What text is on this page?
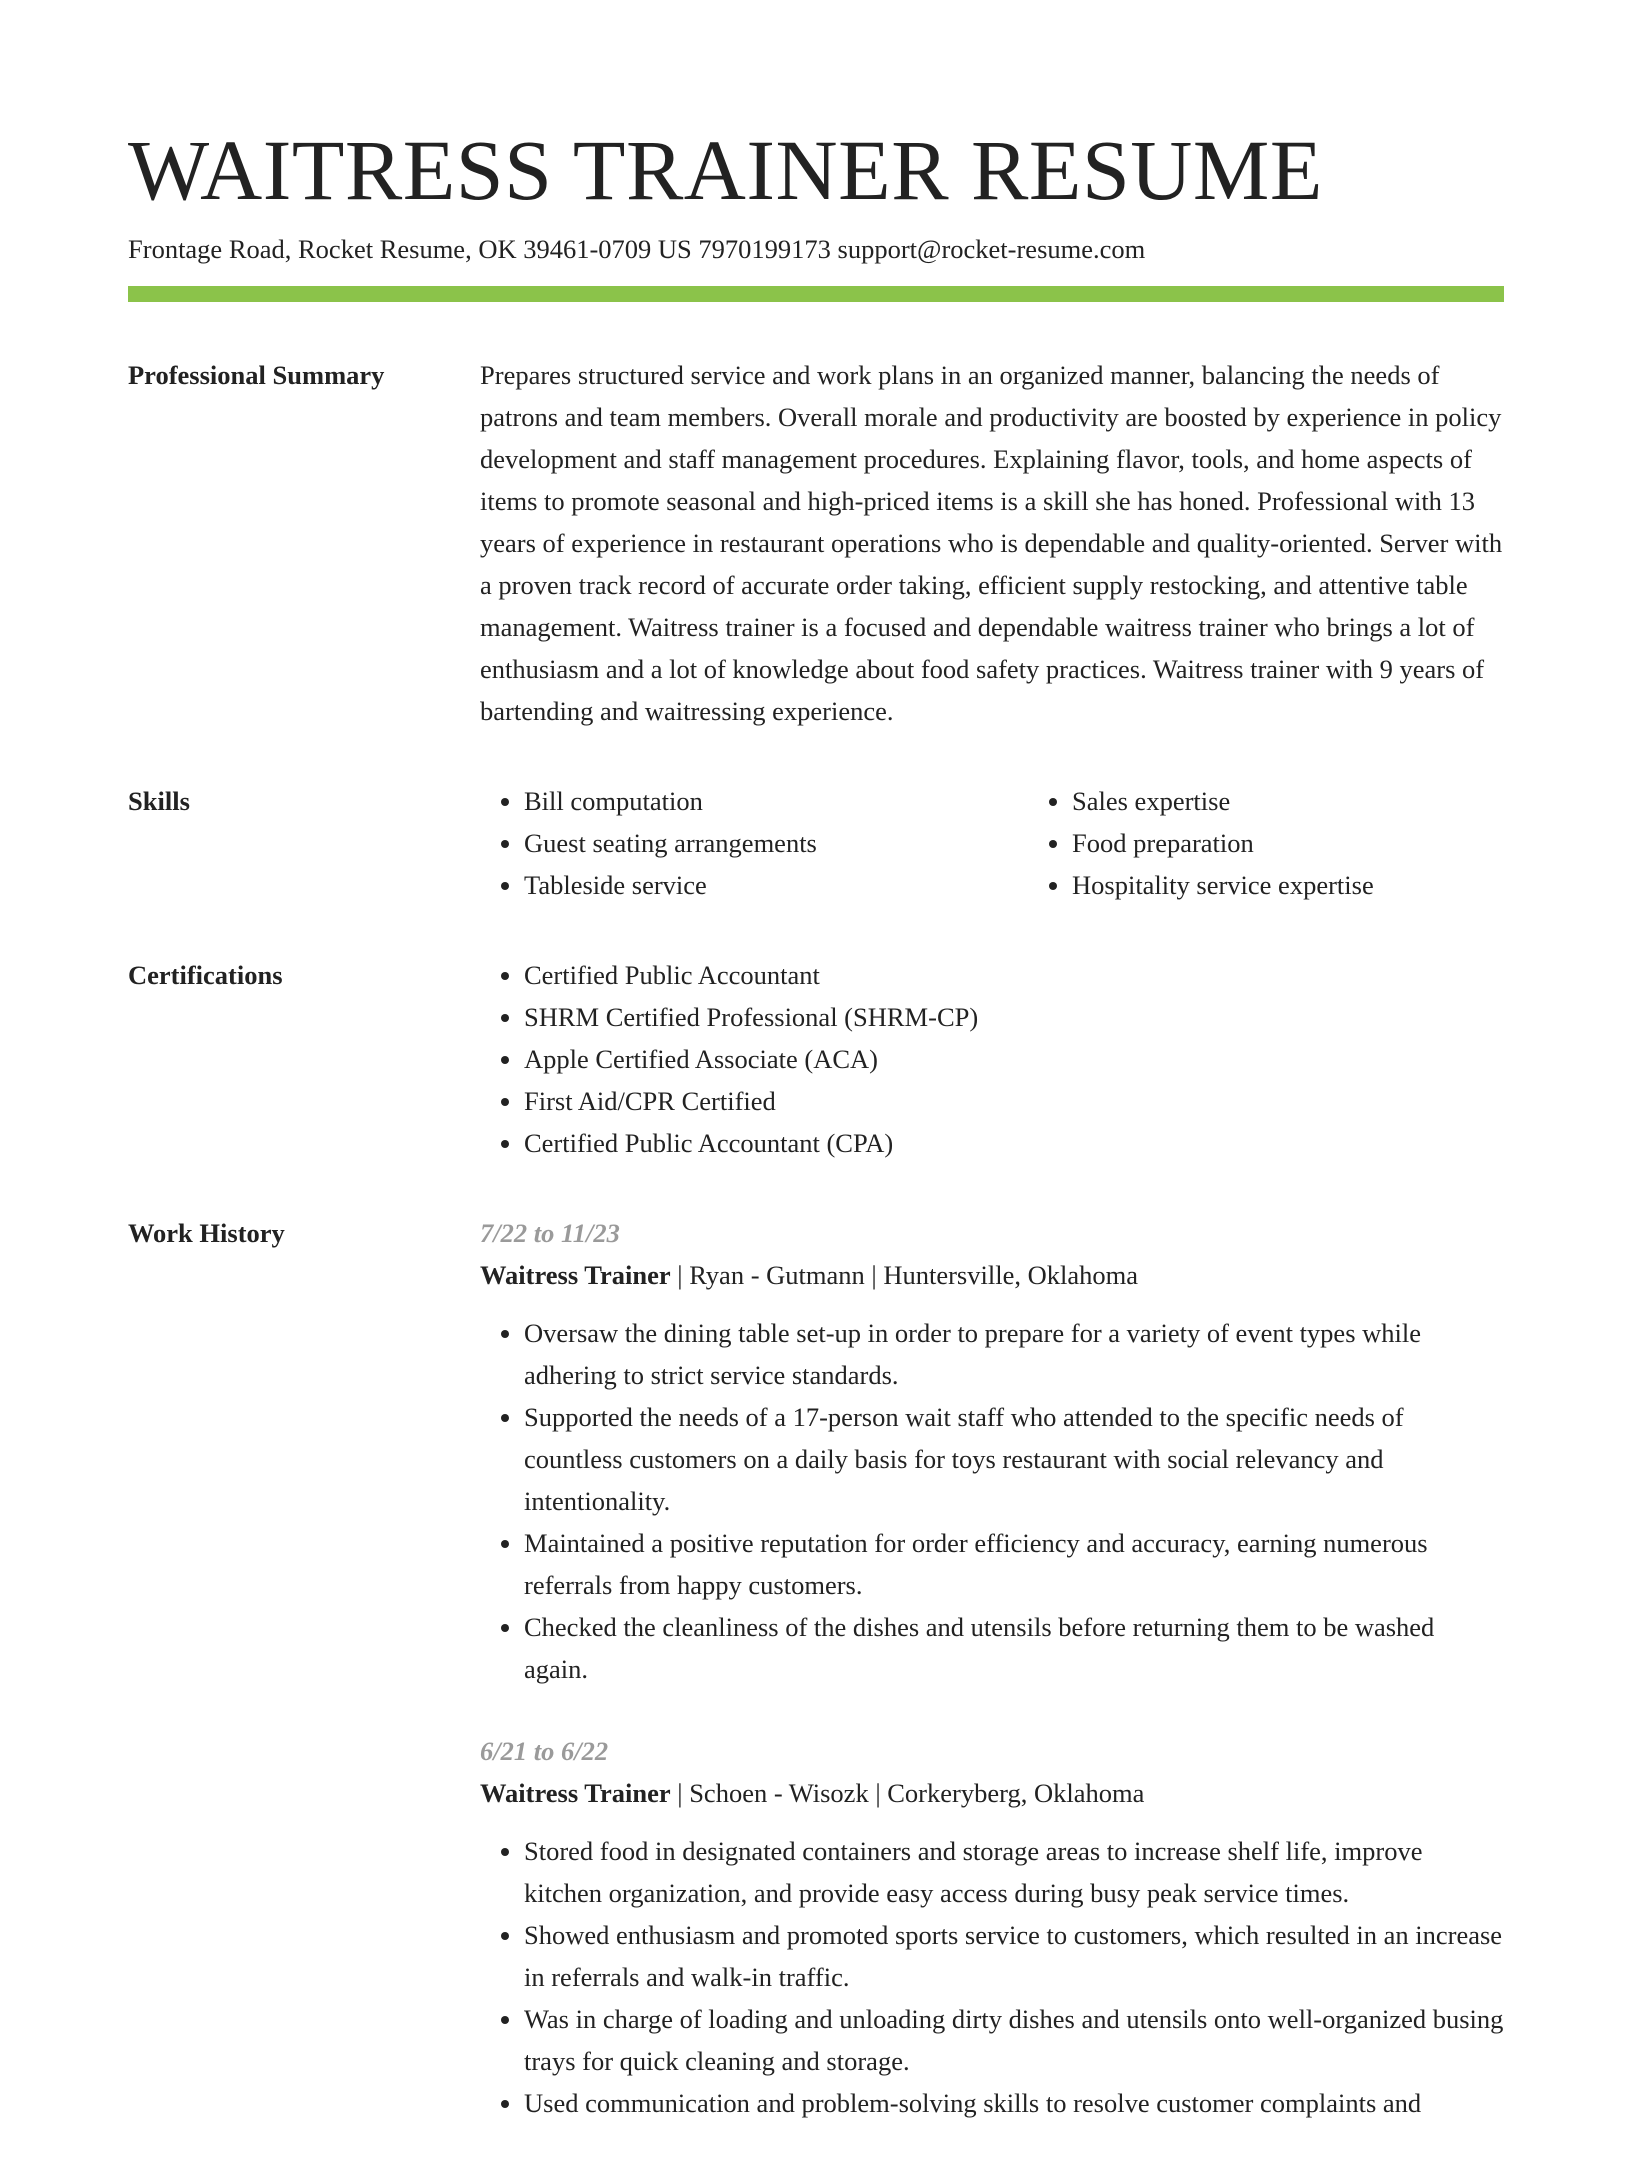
WAITRESS TRAINER RESUME
Frontage Road, Rocket Resume, OK 39461-0709 US 7970199173 support@rocket-resume.com
Professional Summary	Prepares structured service and work plans in an organized manner, balancing the needs of patrons and team members. Overall morale and productivity are boosted by experience in policy development and staff management procedures. Explaining flavor, tools, and home aspects of items to promote seasonal and high-priced items is a skill she has honed. Professional with 13 years of experience in restaurant operations who is dependable and quality-oriented. Server with a proven track record of accurate order taking, efficient supply restocking, and attentive table management. Waitress trainer is a focused and dependable waitress trainer who brings a lot of enthusiasm and a lot of knowledge about food safety practices. Waitress trainer with 9 years of bartending and waitressing experience.

Skills	• Bill computation
• Guest seating arrangements
• Tableside service
• Sales expertise
• Food preparation
• Hospitality service expertise
Certifications	• Certified Public Accountant
• SHRM Certified Professional (SHRM-CP)
• Apple Certified Associate (ACA)
• First Aid/CPR Certified
• Certified Public Accountant (CPA)
Work History	7/22 to 11/23
Waitress Trainer | Ryan - Gutmann | Huntersville, Oklahoma
• Oversaw the dining table set-up in order to prepare for a variety of event types while adhering to strict service standards.
• Supported the needs of a 17-person wait staff who attended to the specific needs of countless customers on a daily basis for toys restaurant with social relevancy and intentionality.
• Maintained a positive reputation for order efficiency and accuracy, earning numerous referrals from happy customers.
• Checked the cleanliness of the dishes and utensils before returning them to be washed again.
6/21 to 6/22
Waitress Trainer | Schoen - Wisozk | Corkeryberg, Oklahoma
• Stored food in designated containers and storage areas to increase shelf life, improve kitchen organization, and provide easy access during busy peak service times.
• Showed enthusiasm and promoted sports service to customers, which resulted in an increase in referrals and walk-in traffic.
• Was in charge of loading and unloading dirty dishes and utensils onto well-organized busing trays for quick cleaning and storage.
• Used communication and problem-solving skills to resolve customer complaints and
